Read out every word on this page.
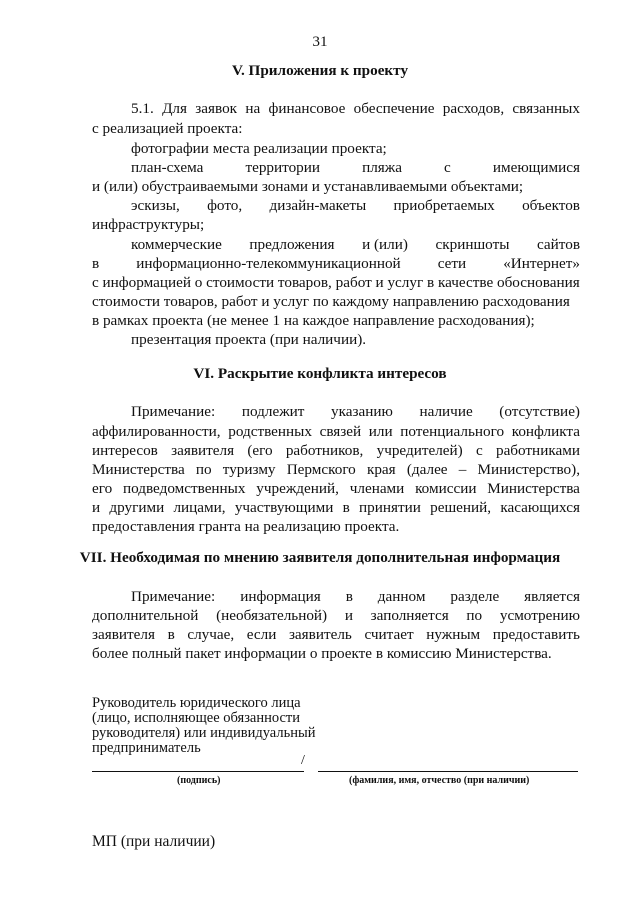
31
V. Приложения к проекту
5.1. Для заявок на финансовое обеспечение расходов, связанных
с реализацией проекта:
фотографии места реализации проекта;
план-схема	территории	пляжа	с	имеющимися
и (или) обустраиваемыми зонами и устанавливаемыми объектами;
эскизы, фото, дизайн-макеты приобретаемых объектов
инфраструктуры;
коммерческие предложения и (или) скриншоты сайтов
в информационно-телекоммуникационной сети «Интернет»
с информацией о стоимости товаров, работ и услуг в качестве обоснования
стоимости товаров, работ и услуг по каждому направлению расходования
в рамках проекта (не менее 1 на каждое направление расходования);
презентация проекта (при наличии).
VI. Раскрытие конфликта интересов
Примечание: подлежит указанию наличие (отсутствие)
аффилированности, родственных связей или потенциального конфликта
интересов заявителя (его работников, учредителей) с работниками
Министерства по туризму Пермского края (далее – Министерство),
его подведомственных учреждений, членами комиссии Министерства
и другими лицами, участвующими в принятии решений, касающихся
предоставления гранта на реализацию проекта.
VII. Необходимая по мнению заявителя дополнительная информация
Примечание: информация в данном разделе является
дополнительной (необязательной) и заполняется по усмотрению
заявителя в случае, если заявитель считает нужным предоставить
более полный пакет информации о проекте в комиссию Министерства.
Руководитель юридического лица
(лицо, исполняющее обязанности
руководителя) или индивидуальный
предприниматель
/
(подпись)	(фамилия, имя, отчество (при наличии)
МП (при наличии)
